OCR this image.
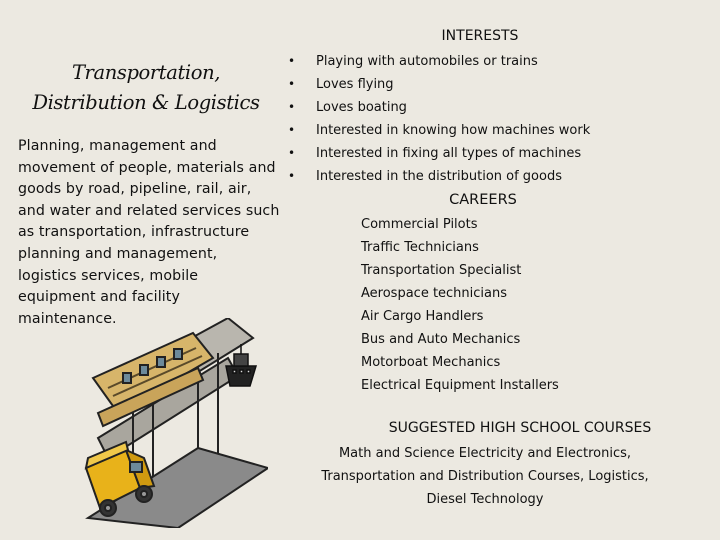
Transportation,
Distribution & Logistics
Planning, management and movement of people, materials and goods by road, pipeline, rail, air, and water and related services such as transportation, infrastructure planning and management, logistics services, mobile equipment and facility maintenance.
INTERESTS
• Playing with automobiles or trains
• Loves flying
• Loves boating
• Interested in knowing how machines work
• Interested in fixing all types of machines
• Interested in the distribution of goods
CAREERS
Commercial Pilots
Traffic Technicians
Transportation Specialist
Aerospace technicians
Air Cargo Handlers
Bus and Auto Mechanics
Motorboat Mechanics
Electrical Equipment Installers
SUGGESTED HIGH SCHOOL COURSES
Math and Science Electricity and Electronics, Transportation and Distribution Courses, Logistics, Diesel Technology
